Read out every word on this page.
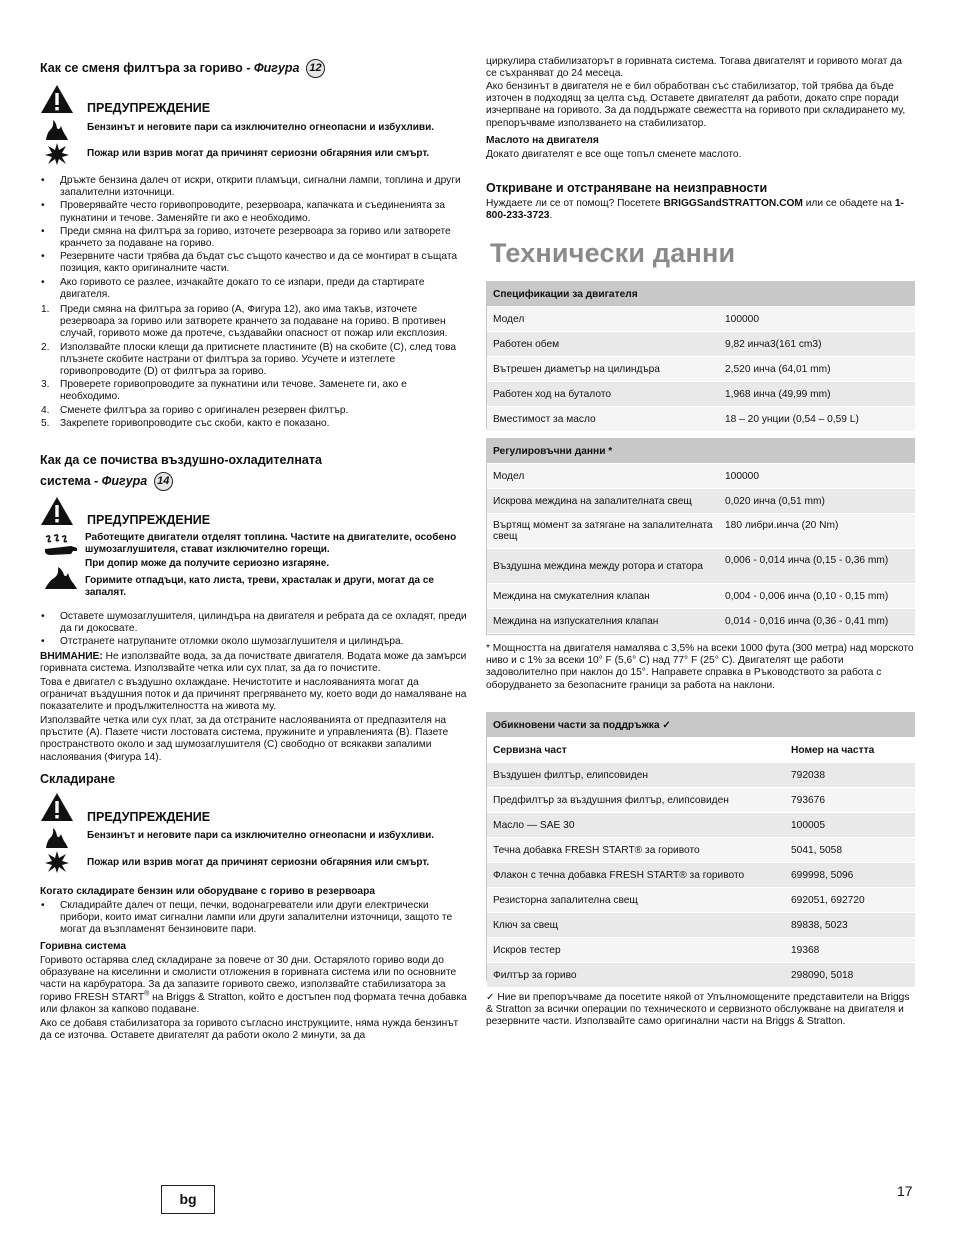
Как се сменя филтъра за гориво - Фигура 12
ПРЕДУПРЕЖДЕНИЕ
Бензинът и неговите пари са изключително огнеопасни и избухливи.
Пожар или взрив могат да причинят сериозни обгаряния или смърт.
• Дръжте бензина далеч от искри, открити пламъци, сигнални лампи, топлина и други запалителни източници.
• Проверявайте често горивопроводите, резервоара, капачката и съединенията за пукнатини и течове. Заменяйте ги ако е необходимо.
• Преди смяна на филтъра за гориво, източете резервоара за гориво или затворете кранчето за подаване на гориво.
• Резервните части трябва да бъдат със същото качество и да се монтират в същата позиция, както оригиналните части.
• Ако горивото се разлее, изчакайте докато то се изпари, преди да стартирате двигателя.
1. Преди смяна на филтъра за гориво (A, Фигура 12), ако има такъв, източете резервоара за гориво или затворете кранчето за подаване на гориво. В противен случай, горивото може да протече, създавайки опасност от пожар или експлозия.
2. Използвайте плоски клещи да притиснете пластините (B) на скобите (C), след това плъзнете скобите настрани от филтъра за гориво. Усучете и изтеглете горивопроводите (D) от филтъра за гориво.
3. Проверете горивопроводите за пукнатини или течове. Заменете ги, ако е необходимо.
4. Сменете филтъра за гориво с оригинален резервен филтър.
5. Закрепете горивопроводите със скоби, както е показано.
Как да се почиства въздушно-охладителната
система - Фигура 14
ПРЕДУПРЕЖДЕНИЕ
Работещите двигатели отделят топлина. Частите на двигателите, особено шумозаглушителя, стават изключително горещи.
При допир може да получите сериозно изгаряне.
Горимите отпадъци, като листа, треви, храсталак и други, могат да се запалят.
• Оставете шумозаглушителя, цилиндъра на двигателя и ребрата да се охладят, преди да ги докосвате.
• Отстранете натрупаните отломки около шумозаглушителя и цилиндъра.
ВНИМАНИЕ: Не използвайте вода, за да почиствате двигателя. Водата може да замърси горивната система. Използвайте четка или сух плат, за да го почистите.
Това е двигател с въздушно охлаждане. Нечистотите и наслояванията могат да ограничат въздушния поток и да причинят прегряването му, което води до намаляване на показателите и продължителността на живота му.
Използвайте четка или сух плат, за да отстраните наслояванията от предпазителя на пръстите (A). Пазете чисти лостовата система, пружините и управленията (B). Пазете пространството около и зад шумозаглушителя (C) свободно от всякакви запалими наслоявания (Фигура 14).
Складиране
ПРЕДУПРЕЖДЕНИЕ
Бензинът и неговите пари са изключително огнеопасни и избухливи.
Пожар или взрив могат да причинят сериозни обгаряния или смърт.
Когато складирате бензин или оборудване с гориво в резервоара
• Складирайте далеч от пещи, печки, водонагреватели или други електрически прибори, които имат сигнални лампи или други запалителни източници, защото те могат да възпламенят бензиновите пари.
Горивна система
Горивото остарява след складиране за повече от 30 дни. Остарялото гориво води до образуване на киселинни и смолисти отложения в горивната система или по основните части на карбуратора. За да запазите горивото свежо, използвайте стабилизатора за гориво FRESH START® на Briggs & Stratton, който е достъпен под формата течна добавка или флакон за капково подаване.
Ако се добавя стабилизатора за горивото съгласно инструкциите, няма нужда бензинът да се източва. Оставете двигателят да работи около 2 минути, за да
циркулира стабилизаторът в горивната система. Тогава двигателят и горивото могат да се съхраняват до 24 месеца.
Ако бензинът в двигателя не е бил обработван със стабилизатор, той трябва да бъде източен в подходящ за целта съд. Оставете двигателят да работи, докато спре поради изчерпване на горивото. За да поддържате свежестта на горивото при складирането му, препоръчваме използването на стабилизатор.
Маслото на двигателя
Докато двигателят е все още топъл сменете маслото.
Откриване и отстраняване на неизправности
Нуждаете ли се от помощ? Посетете BRIGGSandSTRATTON.COM или се обадете на 1-800-233-3723.
Технически данни
Спецификации за двигателя	
Модел	100000
Работен обем	9,82 инча3(161 cm3)
Вътрешен диаметър на цилиндъра	2,520 инча (64,01 mm)
Работен ход на буталото	1,968 инча (49,99 mm)
Вместимост за масло	18 – 20 унции (0,54 – 0,59 L)
Регулировъчни данни *	
Модел	100000
Искрова междина на запалителната свещ	0,020 инча (0,51 mm)
Въртящ момент за затягане на запалителната свещ	180 либри.инча (20 Nm)
Въздушна междина между ротора и статора	0,006 - 0,014 инча (0,15 - 0,36 mm)
Междина на смукателния клапан	0,004 - 0,006 инча (0,10 - 0,15 mm)
Междина на изпускателния клапан	0,014 - 0,016 инча (0,36 - 0,41 mm)
* Мощността на двигателя намалява с 3,5% на всеки 1000 фута (300 метра) над морското ниво и с 1% за всеки 10° F (5,6° C) над 77° F (25° C). Двигателят ще работи задоволително при наклон до 15°. Направете справка в Ръководството за работа с оборудването за безопасните граници за работа на наклони.
Обикновени части за поддръжка ✓	
Сервизна част	Номер на частта
Въздушен филтър, елипсовиден	792038
Предфилтър за въздушния филтър, елипсовиден	793676
Масло — SAE 30	100005
Течна добавка FRESH START® за горивото	5041, 5058
Флакон с течна добавка FRESH START® за горивото	699998, 5096
Резисторна запалителна свещ	692051, 692720
Ключ за свещ	89838, 5023
Искров тестер	19368
Филтър за гориво	298090, 5018
✓ Ние ви препоръчваме да посетите някой от Упълномощените представители на Briggs & Stratton за всички операции по техническото и сервизното обслужване на двигателя и резервните части. Използвайте само оригинални части на Briggs & Stratton.
bg	17
